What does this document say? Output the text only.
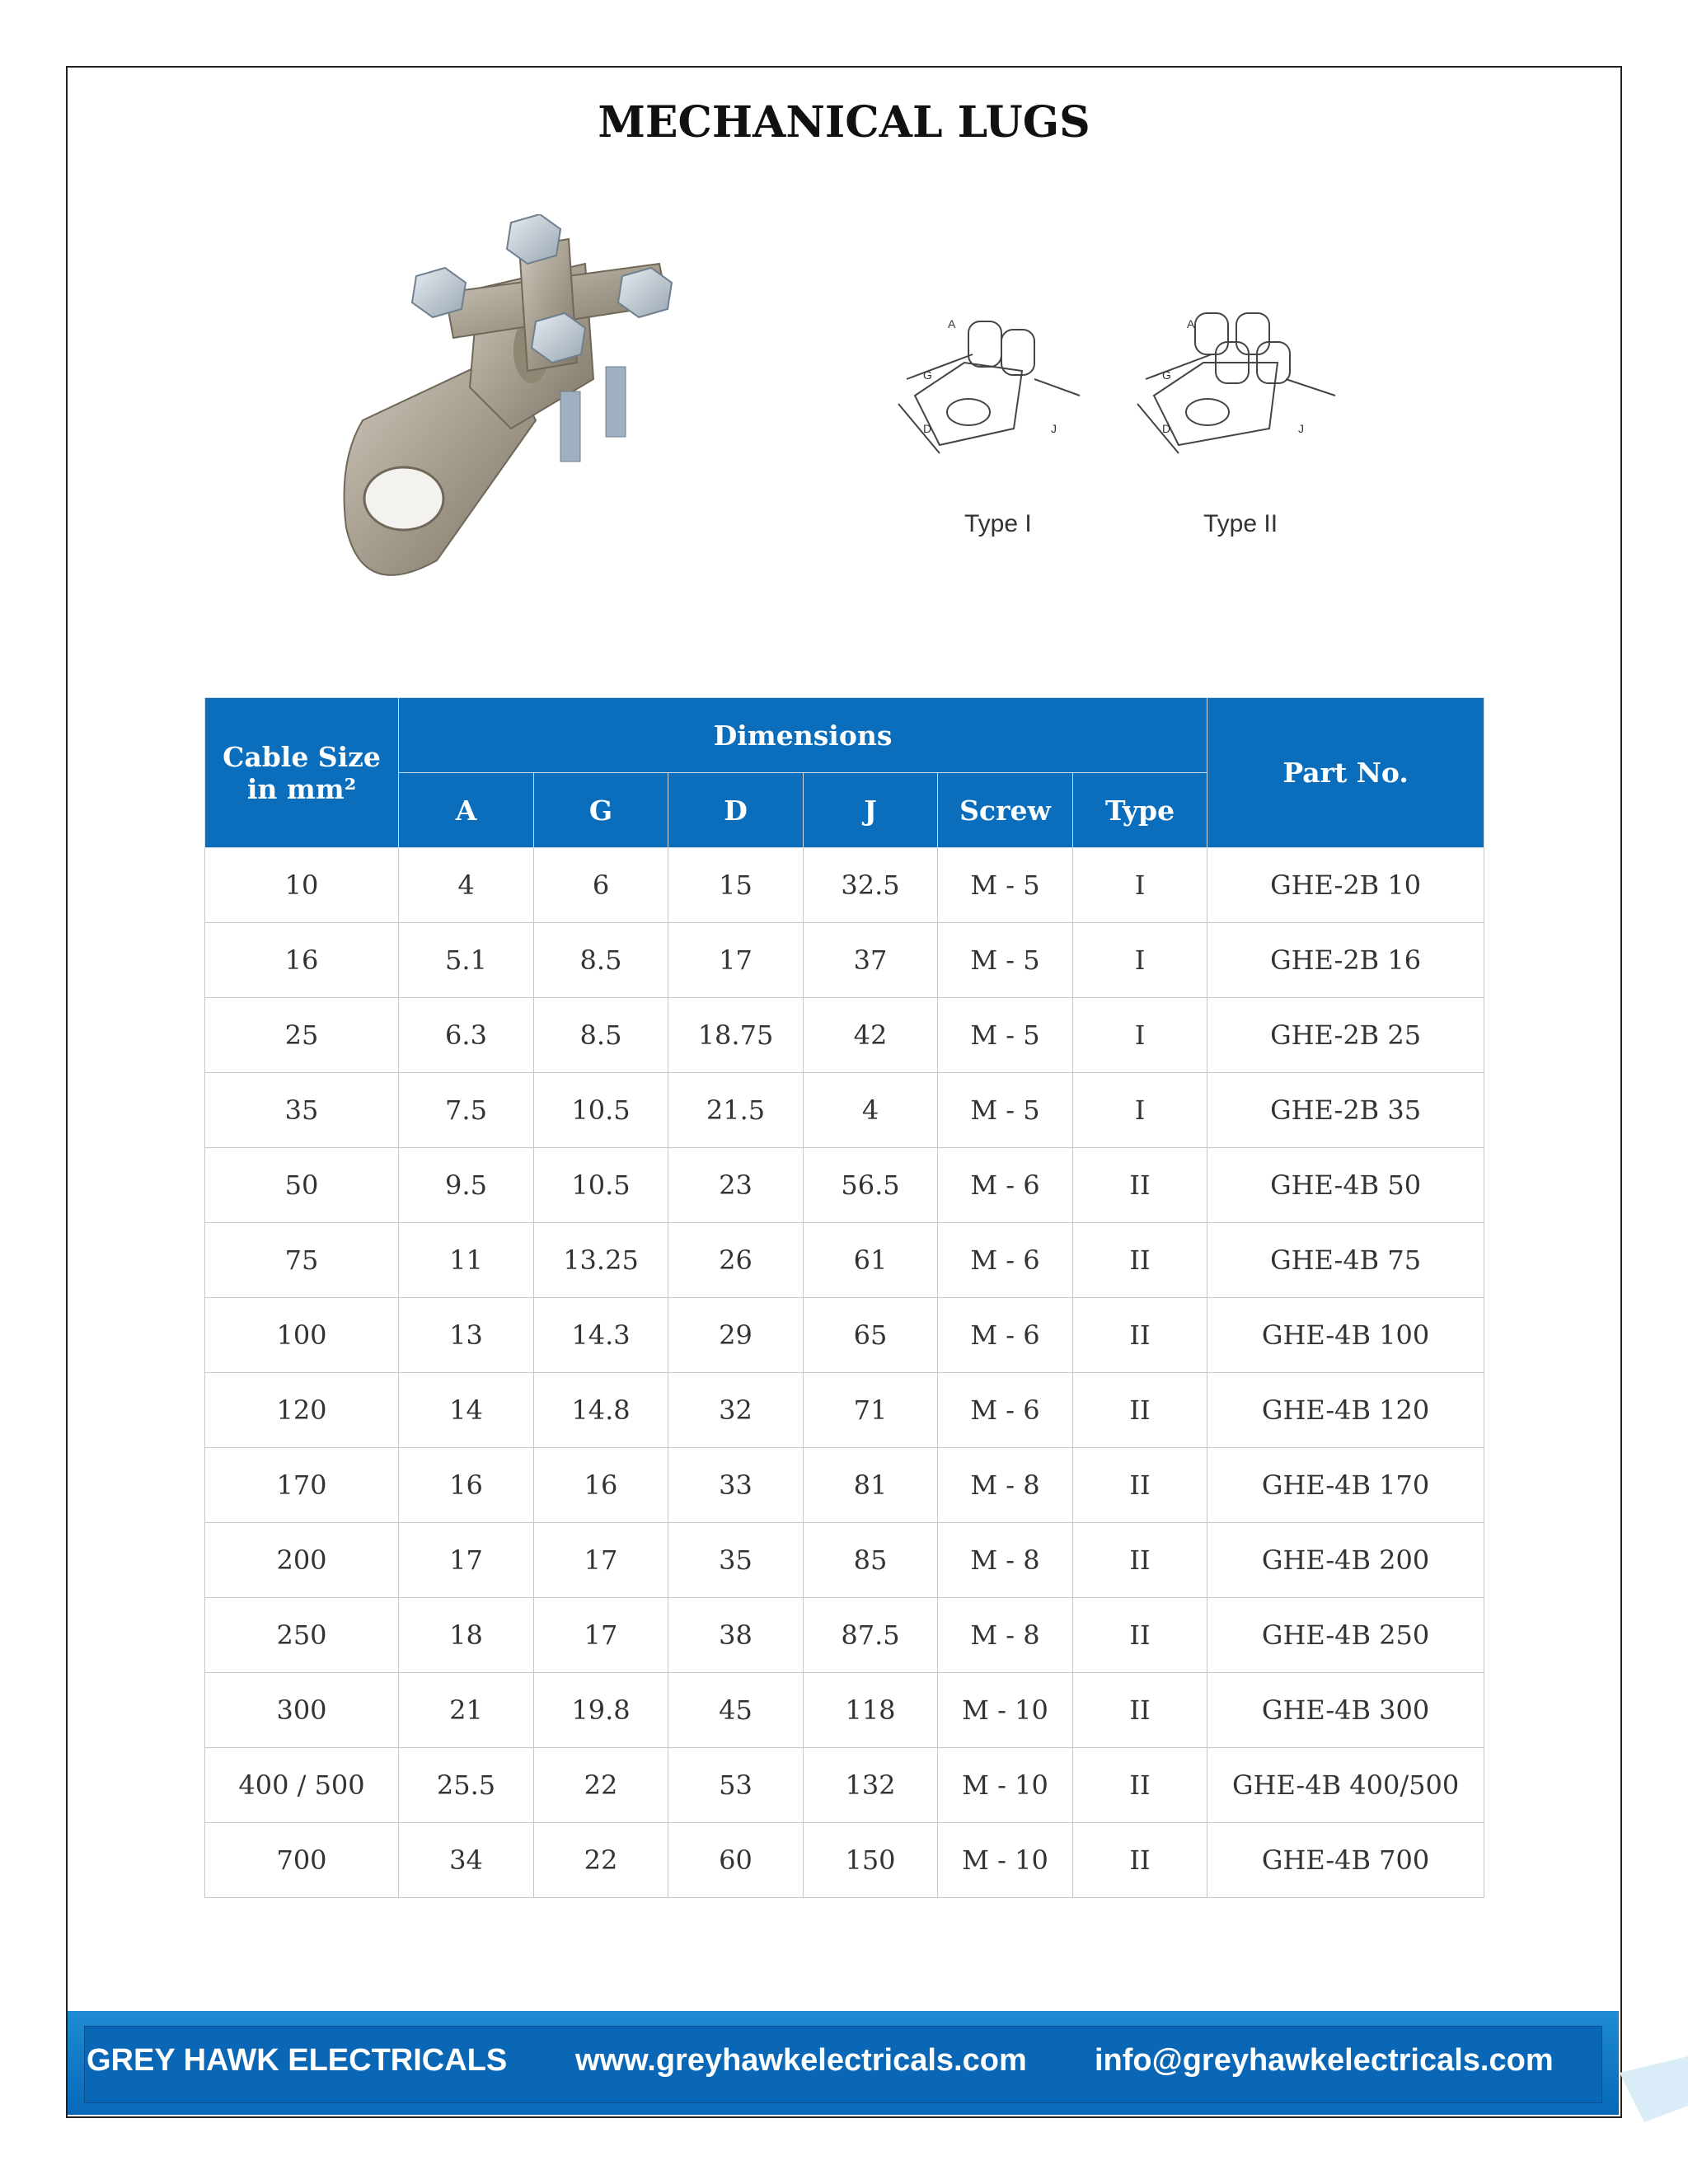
MECHANICAL LUGS
A
G
D	J
A
G
D	J
Type I	Type II
Cable Size in mm²	Dimensions						Part No.
	A	G	D	J	Screw	Type	
10	4	6	15	32.5	M - 5	I	GHE-2B 10
16	5.1	8.5	17	37	M - 5	I	GHE-2B 16
25	6.3	8.5	18.75	42	M - 5	I	GHE-2B 25
35	7.5	10.5	21.5	4	M - 5	I	GHE-2B 35
50	9.5	10.5	23	56.5	M - 6	II	GHE-4B 50
75	11	13.25	26	61	M - 6	II	GHE-4B 75
100	13	14.3	29	65	M - 6	II	GHE-4B 100
120	14	14.8	32	71	M - 6	II	GHE-4B 120
170	16	16	33	81	M - 8	II	GHE-4B 170
200	17	17	35	85	M - 8	II	GHE-4B 200
250	18	17	38	87.5	M - 8	II	GHE-4B 250
300	21	19.8	45	118	M - 10	II	GHE-4B 300
400 / 500	25.5	22	53	132	M - 10	II	GHE-4B 400/500
700	34	22	60	150	M - 10	II	GHE-4B 700
GREY HAWK ELECTRICALS www.greyhawkelectricals.com info@greyhawkelectricals.com
